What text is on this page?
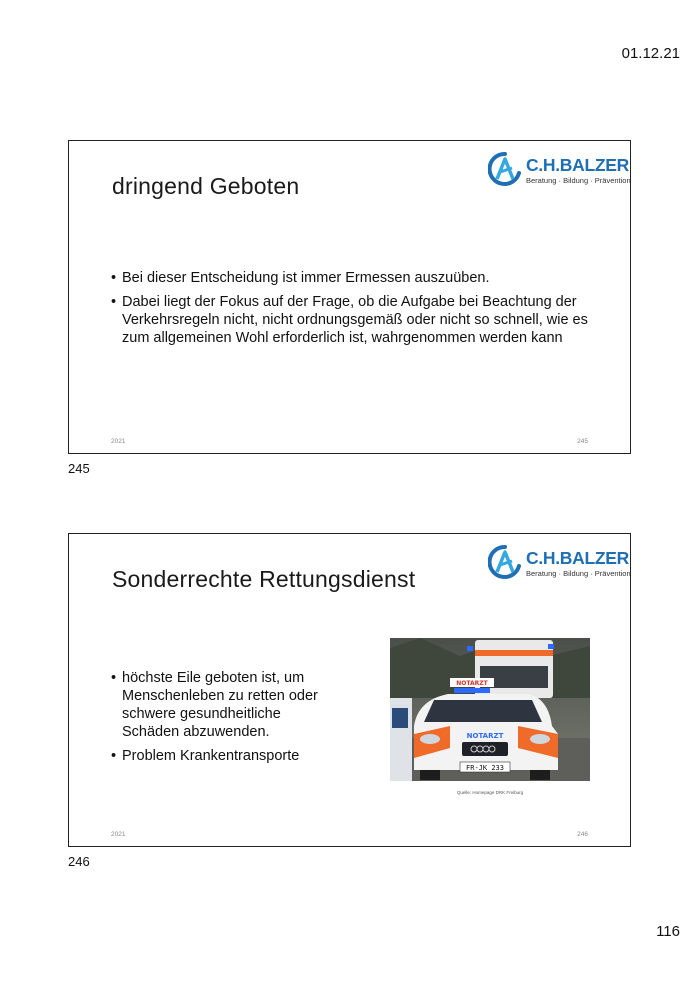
01.12.21
dringend Geboten
C.H.BALZER
Beratung · Bildung · Prävention
• Bei dieser Entscheidung ist immer Ermessen auszuüben.
• Dabei liegt der Fokus auf der Frage, ob die Aufgabe bei Beachtung der Verkehrsregeln nicht, nicht ordnungsgemäß oder nicht so schnell, wie es zum allgemeinen Wohl erforderlich ist, wahrgenommen werden kann
2021	245
245
Sonderrechte Rettungsdienst
C.H.BALZER
Beratung · Bildung · Prävention
• höchste Eile geboten ist, um Menschenleben zu retten oder schwere gesundheitliche Schäden abzuwenden.
• Problem Krankentransporte
NOTARZT
NOTARZT
FR-JK 233
Quelle: Homepage DRK Freiburg
2021	246
246
116
